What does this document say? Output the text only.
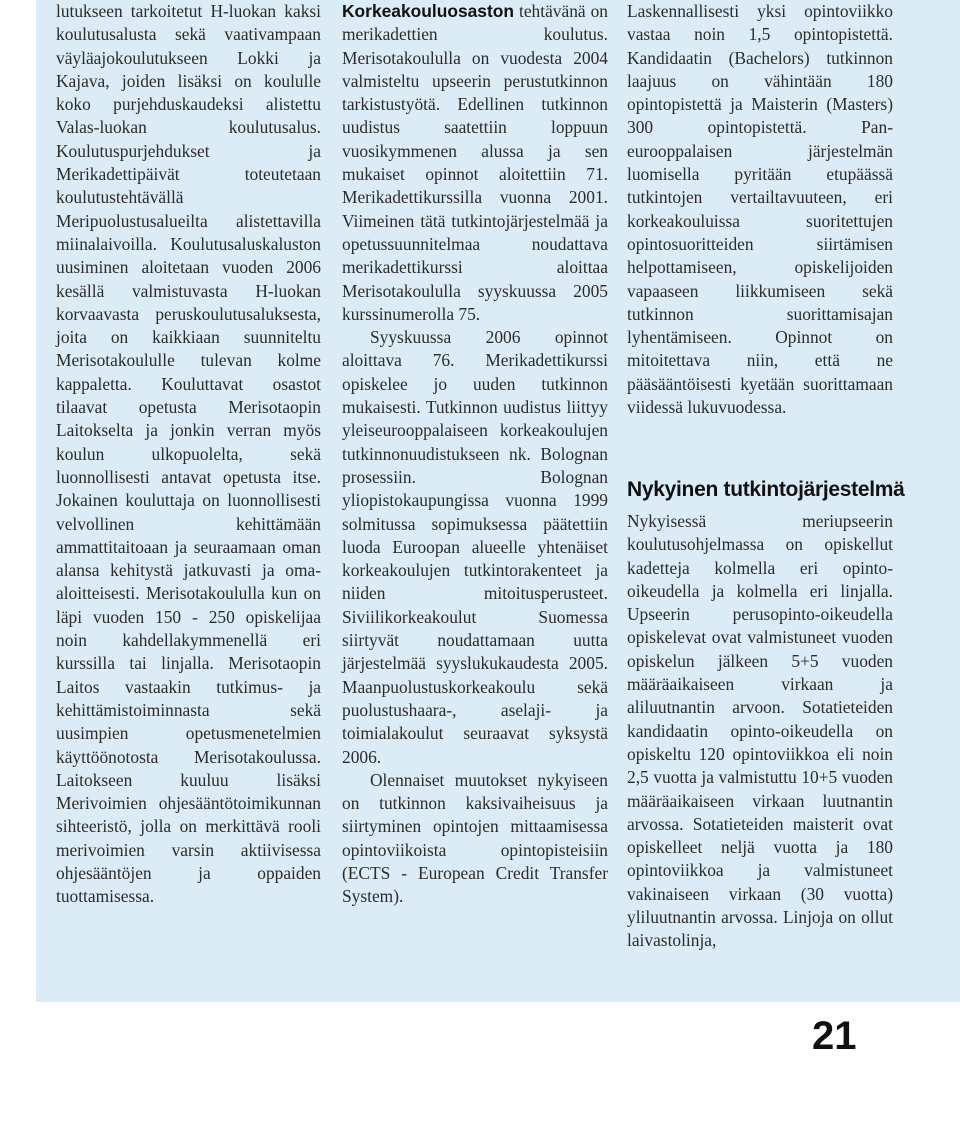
lutukseen tarkoitetut H-luokan kaksi koulutusalusta sekä vaativampaan väyläajokoulutukseen Lokki ja Kajava, joiden lisäksi on koululle koko purjehduskaudeksi alistettu Valas-luokan koulutusalus. Koulutuspurjehdukset ja Merikadettipäivät toteutetaan koulutustehtävällä Meripuolustusalueilta alistettavilla miinalaivoilla. Koulutusaluskaluston uusiminen aloitetaan vuoden 2006 kesällä valmistuvasta H-luokan korvaavasta peruskoulutusaluksesta, joita on kaikkiaan suunniteltu Merisotakoululle tulevan kolme kappaletta. Kouluttavat osastot tilaavat opetusta Merisotaopin Laitokselta ja jonkin verran myös koulun ulkopuolelta, sekä luonnollisesti antavat opetusta itse. Jokainen kouluttaja on luonnollisesti velvollinen kehittämään ammattitaitoaan ja seuraamaan oman alansa kehitystä jatkuvasti ja oma-aloitteisesti. Merisotakoululla kun on läpi vuoden 150 - 250 opiskelijaa noin kahdellakymmenellä eri kurssilla tai linjalla. Merisotaopin Laitos vastaakin tutkimus- ja kehittämistoiminnasta sekä uusimpien opetusmenetelmien käyttöönotosta Merisotakoulussa. Laitokseen kuuluu lisäksi Merivoimien ohjesääntötoimikunnan sihteeristö, jolla on merkittävä rooli merivoimien varsin aktiivisessa ohjesääntöjen ja oppaiden tuottamisessa.

Korkeakouluosaston tehtävänä on merikadettien koulutus. Merisotakoululla on vuodesta 2004 valmisteltu upseerin perustutkinnon tarkistustyötä. Edellinen tutkinnon uudistus saatettiin loppuun vuosikymmenen alussa ja sen mukaiset opinnot aloitettiin 71. Merikadettikurssilla vuonna 2001. Viimeinen tätä tutkintojärjestelmää ja opetussuunnitelmaa noudattava merikadettikurssi aloittaa Merisotakoululla syyskuussa 2005 kurssinumerolla 75.

Syyskuussa 2006 opinnot aloittava 76. Merikadettikurssi opiskelee jo uuden tutkinnon mukaisesti. Tutkinnon uudistus liittyy yleiseurooppalaiseen korkeakoulujen tutkinnonuudistukseen nk. Bolognan prosessiin. Bolognan yliopistokaupungissa vuonna 1999 solmitussa sopimuksessa päätettiin luoda Euroopan alueelle yhtenäiset korkeakoulujen tutkintorakenteet ja niiden mitoitusperusteet. Siviilikorkeakoulut Suomessa siirtyvät noudattamaan uutta järjestelmää syyslukukaudesta 2005. Maanpuolustuskorkeakoulu sekä puolustushaara-, aselaji- ja toimialakoulut seuraavat syksystä 2006.

Olennaiset muutokset nykyiseen on tutkinnon kaksivaiheisuus ja siirtyminen opintojen mittaamisessa opintoviikoista opintopisteisiin (ECTS - European Credit Transfer System).

Laskennallisesti yksi opintoviikko vastaa noin 1,5 opintopistettä. Kandidaatin (Bachelors) tutkinnon laajuus on vähintään 180 opintopistettä ja Maisterin (Masters) 300 opintopistettä. Pan-eurooppalaisen järjestelmän luomisella pyritään etupäässä tutkintojen vertailtavuuteen, eri korkeakouluissa suoritettujen opintosuoritteiden siirtämisen helpottamiseen, opiskelijoiden vapaaseen liikkumiseen sekä tutkinnon suorittamisajan lyhentämiseen. Opinnot on mitoitettava niin, että ne pääsääntöisesti kyetään suorittamaan viidessä lukuvuodessa.

Nykyinen tutkintojärjestelmä

Nykyisessä meriupseerin koulutusohjelmassa on opiskellut kadetteja kolmella eri opinto-oikeudella ja kolmella eri linjalla. Upseerin perusopinto-oikeudella opiskelevat ovat valmistuneet vuoden opiskelun jälkeen 5+5 vuoden määräaikaiseen virkaan ja aliluutnantin arvoon. Sotatieteiden kandidaatin opinto-oikeudella on opiskeltu 120 opintoviikkoa eli noin 2,5 vuotta ja valmistuttu 10+5 vuoden määräaikaiseen virkaan luutnantin arvossa. Sotatieteiden maisterit ovat opiskelleet neljä vuotta ja 180 opintoviikkoa ja valmistuneet vakinaiseen virkaan (30 vuotta) yliluutnantin arvossa. Linjoja on ollut laivastolinja,

21
